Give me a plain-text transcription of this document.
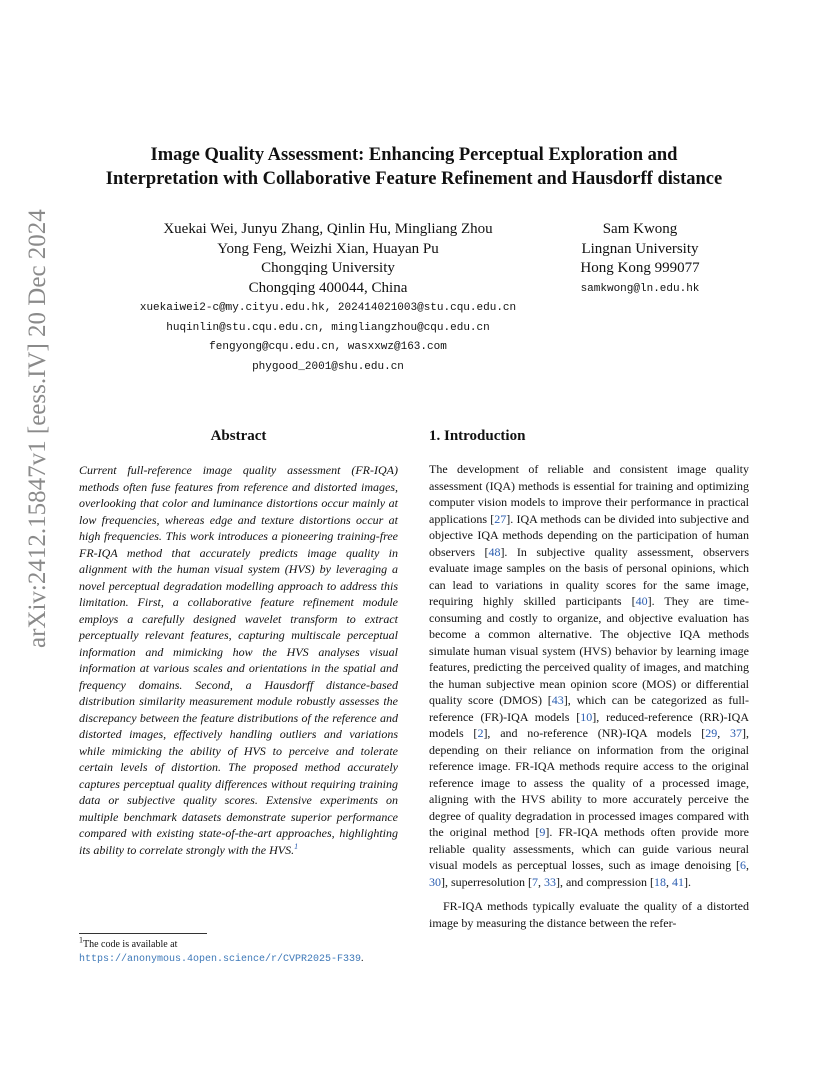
arXiv:2412.15847v1 [eess.IV] 20 Dec 2024
Image Quality Assessment: Enhancing Perceptual Exploration and
Interpretation with Collaborative Feature Refinement and Hausdorff distance
Xuekai Wei, Junyu Zhang, Qinlin Hu, Mingliang Zhou
Yong Feng, Weizhi Xian, Huayan Pu
Chongqing University
Chongqing 400044, China
xuekaiwei2-c@my.cityu.edu.hk, 202414021003@stu.cqu.edu.cn
huqinlin@stu.cqu.edu.cn, mingliangzhou@cqu.edu.cn
fengyong@cqu.edu.cn, wasxxwz@163.com
phygood_2001@shu.edu.cn
Sam Kwong
Lingnan University
Hong Kong 999077
samkwong@ln.edu.hk
Abstract
Current full-reference image quality assessment (FR-IQA) methods often fuse features from reference and distorted images, overlooking that color and luminance distortions occur mainly at low frequencies, whereas edge and texture distortions occur at high frequencies. This work introduces a pioneering training-free FR-IQA method that accurately predicts image quality in alignment with the human visual system (HVS) by leveraging a novel perceptual degradation modelling approach to address this limitation. First, a collaborative feature refinement module employs a carefully designed wavelet transform to extract perceptually relevant features, capturing multiscale perceptual information and mimicking how the HVS analyses visual information at various scales and orientations in the spatial and frequency domains. Second, a Hausdorff distance-based distribution similarity measurement module robustly assesses the discrepancy between the feature distributions of the reference and distorted images, effectively handling outliers and variations while mimicking the ability of HVS to perceive and tolerate certain levels of distortion. The proposed method accurately captures perceptual quality differences without requiring training data or subjective quality scores. Extensive experiments on multiple benchmark datasets demonstrate superior performance compared with existing state-of-the-art approaches, highlighting its ability to correlate strongly with the HVS.$^1$
1. Introduction

The development of reliable and consistent image quality assessment (IQA) methods is essential for training and optimizing computer vision models to improve their performance in practical applications [27]. IQA methods can be divided into subjective and objective IQA methods depending on the participation of human observers [48]. In subjective quality assessment, observers evaluate image samples on the basis of personal opinions, which can lead to variations in quality scores for the same image, requiring highly skilled participants [40]. They are time-consuming and costly to organize, and objective evaluation has become a common alternative. The objective IQA methods simulate human visual system (HVS) behavior by learning image features, predicting the perceived quality of images, and matching the human subjective mean opinion score (MOS) or differential quality score (DMOS) [43], which can be categorized as full-reference (FR)-IQA models [10], reduced-reference (RR)-IQA models [2], and no-reference (NR)-IQA models [29, 37], depending on their reliance on information from the original reference image. FR-IQA methods require access to the original reference image to assess the quality of a processed image, aligning with the HVS ability to more accurately perceive the degree of quality degradation in processed images compared with the original method [9]. FR-IQA methods often provide more reliable quality assessments, which can guide various neural visual models as perceptual losses, such as image denoising [6, 30], superresolution [7, 33], and compression [18, 41].

FR-IQA methods typically evaluate the quality of a distorted image by measuring the distance between the refer-

$^1$The code is available at https://anonymous.4open.science/r/CVPR2025-F339.
